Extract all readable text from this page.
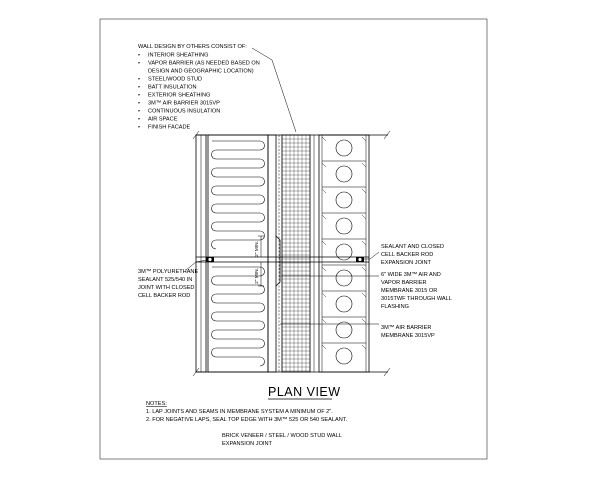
WALL DESIGN BY OTHERS CONSIST OF:
• INTERIOR SHEATHING
• VAPOR BARRIER (AS NEEDED BASED ON
DESIGN AND GEOGRAPHIC LOCATION)
• STEEL/WOOD STUD
• BATT INSULATION
• EXTERIOR SHEATHING
• 3M™ AIR BARRIER 3015VP
• CONTINUOUS INSULATION
• AIR SPACE
• FINISH FACADE
2" MIN.
2" MIN.
3M™ POLYURETHANE
SEALANT 525/540 IN
JOINT WITH CLOSED
CELL BACKER ROD
SEALANT AND CLOSED
CELL BACKER ROD
EXPANSION JOINT
6" WIDE 3M™ AIR AND
VAPOR BARRIER
MEMBRANE 3015 OR
3015TWF THROUGH WALL
FLASHING
3M™ AIR BARRIER
MEMBRANE 3015VP
PLAN VIEW
NOTES:
1. LAP JOINTS AND SEAMS IN MEMBRANE SYSTEM A MINIMUM OF 2".
2. FOR NEGATIVE LAPS, SEAL TOP EDGE WITH 3M™ 525 OR 540 SEALANT.
BRICK VENEER / STEEL / WOOD STUD WALL
EXPANSION JOINT
